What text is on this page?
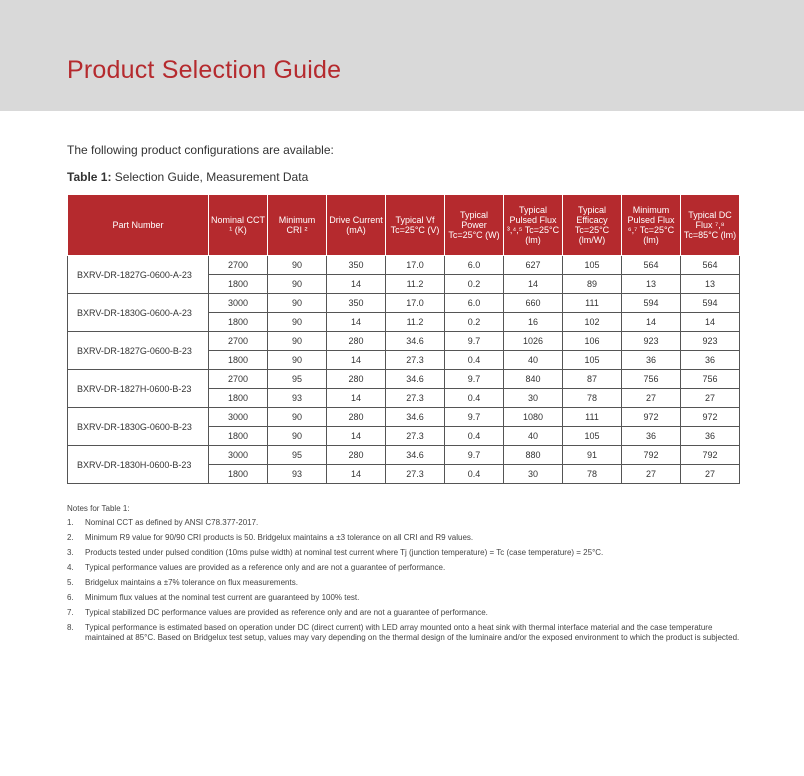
Product Selection Guide
The following product configurations are available:
Table 1: Selection Guide, Measurement Data
Part Number	Nominal CCT ¹ (K)	Minimum CRI ²	Drive Current (mA)	Typical Vf Tc=25°C (V)	Typical Power Tc=25°C (W)	Typical Pulsed Flux ³,⁴,⁵ Tc=25°C (lm)	Typical Efficacy Tc=25°C (lm/W)	Minimum Pulsed Flux ⁶,⁷ Tc=25°C (lm)	Typical DC Flux ⁷,⁸ Tc=85°C (lm)
BXRV-DR-1827G-0600-A-23	2700	90	350	17.0	6.0	627	105	564	564
	1800	90	14	11.2	0.2	14	89	13	13
BXRV-DR-1830G-0600-A-23	3000	90	350	17.0	6.0	660	111	594	594
	1800	90	14	11.2	0.2	16	102	14	14
BXRV-DR-1827G-0600-B-23	2700	90	280	34.6	9.7	1026	106	923	923
	1800	90	14	27.3	0.4	40	105	36	36
BXRV-DR-1827H-0600-B-23	2700	95	280	34.6	9.7	840	87	756	756
	1800	93	14	27.3	0.4	30	78	27	27
BXRV-DR-1830G-0600-B-23	3000	90	280	34.6	9.7	1080	111	972	972
	1800	90	14	27.3	0.4	40	105	36	36
BXRV-DR-1830H-0600-B-23	3000	95	280	34.6	9.7	880	91	792	792
	1800	93	14	27.3	0.4	30	78	27	27
Notes for Table 1:
1. Nominal CCT as defined by ANSI C78.377-2017.
2. Minimum R9 value for 90/90 CRI products is 50. Bridgelux maintains a ±3 tolerance on all CRI and R9 values.
3. Products tested under pulsed condition (10ms pulse width) at nominal test current where Tj (junction temperature) = Tc (case temperature) = 25°C.
4. Typical performance values are provided as a reference only and are not a guarantee of performance.
5. Bridgelux maintains a ±7% tolerance on flux measurements.
6. Minimum flux values at the nominal test current are guaranteed by 100% test.
7. Typical stabilized DC performance values are provided as reference only and are not a guarantee of performance.
8. Typical performance is estimated based on operation under DC (direct current) with LED array mounted onto a heat sink with thermal interface material and the case temperature maintained at 85°C. Based on Bridgelux test setup, values may vary depending on the thermal design of the luminaire and/or the exposed environment to which the product is subjected.
